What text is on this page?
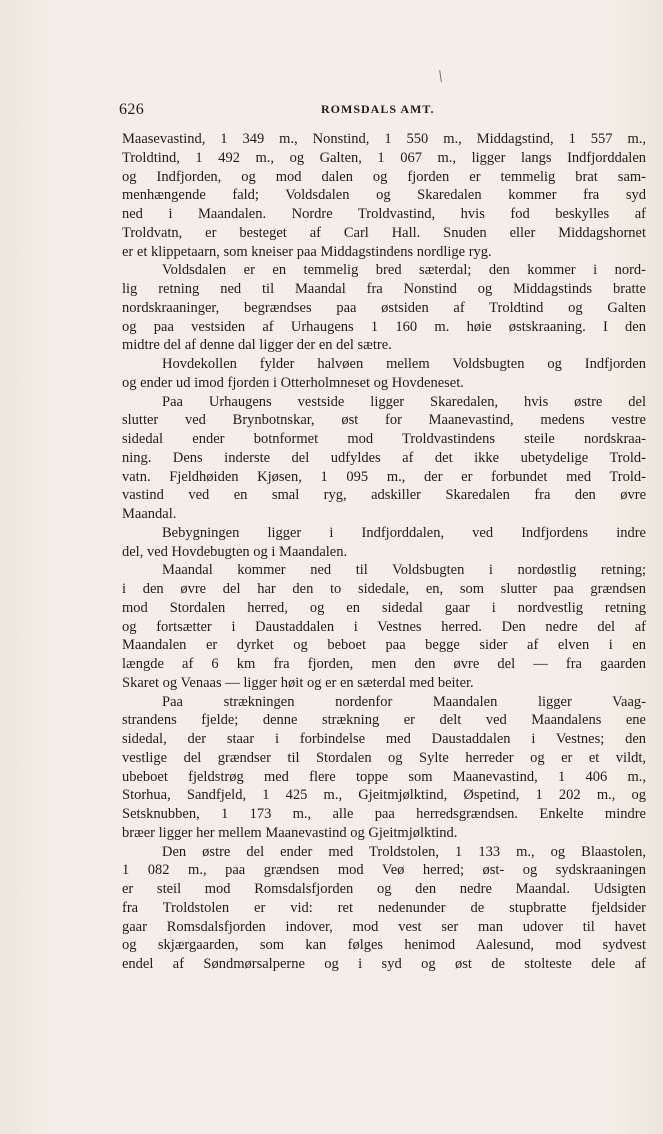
626	ROMSDALS AMT.
Maasevastind, 1 349 m., Nonstind, 1 550 m., Middagstind, 1 557 m.,
Troldtind, 1 492 m., og Galten, 1 067 m., ligger langs Indfjorddalen
og Indfjorden, og mod dalen og fjorden er temmelig brat sam-
menhængende fald; Voldsdalen og Skaredalen kommer fra syd
ned i Maandalen. Nordre Troldvastind, hvis fod beskylles af
Troldvatn, er besteget af Carl Hall. Snuden eller Middagshornet
er et klippetaarn, som kneiser paa Middagstindens nordlige ryg.
Voldsdalen er en temmelig bred sæterdal; den kommer i nord-
lig retning ned til Maandal fra Nonstind og Middagstinds bratte
nordskraaninger, begrændses paa østsiden af Troldtind og Galten
og paa vestsiden af Urhaugens 1 160 m. høie østskraaning. I den
midtre del af denne dal ligger der en del sætre.
Hovdekollen fylder halvøen mellem Voldsbugten og Indfjorden
og ender ud imod fjorden i Otterholmneset og Hovdeneset.
Paa Urhaugens vestside ligger Skaredalen, hvis østre del
slutter ved Brynbotnskar, øst for Maanevastind, medens vestre
sidedal ender botnformet mod Troldvastindens steile nordskraa-
ning. Dens inderste del udfyldes af det ikke ubetydelige Trold-
vatn. Fjeldhøiden Kjøsen, 1 095 m., der er forbundet med Trold-
vastind ved en smal ryg, adskiller Skaredalen fra den øvre
Maandal.
Bebygningen ligger i Indfjorddalen, ved Indfjordens indre
del, ved Hovdebugten og i Maandalen.
Maandal kommer ned til Voldsbugten i nordøstlig retning;
i den øvre del har den to sidedale, en, som slutter paa grændsen
mod Stordalen herred, og en sidedal gaar i nordvestlig retning
og fortsætter i Daustaddalen i Vestnes herred. Den nedre del af
Maandalen er dyrket og beboet paa begge sider af elven i en
længde af 6 km fra fjorden, men den øvre del — fra gaarden
Skaret og Venaas — ligger høit og er en sæterdal med beiter.
Paa strækningen nordenfor Maandalen ligger Vaag-
strandens fjelde; denne strækning er delt ved Maandalens ene
sidedal, der staar i forbindelse med Daustaddalen i Vestnes; den
vestlige del grændser til Stordalen og Sylte herreder og er et vildt,
ubeboet fjeldstrøg med flere toppe som Maanevastind, 1 406 m.,
Storhua, Sandfjeld, 1 425 m., Gjeitmjølktind, Øspetind, 1 202 m., og
Setsknubben, 1 173 m., alle paa herredsgrændsen. Enkelte mindre
bræer ligger her mellem Maanevastind og Gjeitmjølktind.
Den østre del ender med Troldstolen, 1 133 m., og Blaastolen,
1 082 m., paa grændsen mod Veø herred; øst- og sydskraaningen
er steil mod Romsdalsfjorden og den nedre Maandal. Udsigten
fra Troldstolen er vid: ret nedenunder de stupbratte fjeldsider
gaar Romsdalsfjorden indover, mod vest ser man udover til havet
og skjærgaarden, som kan følges henimod Aalesund, mod sydvest
endel af Søndmørsalperne og i syd og øst de stolteste dele af
